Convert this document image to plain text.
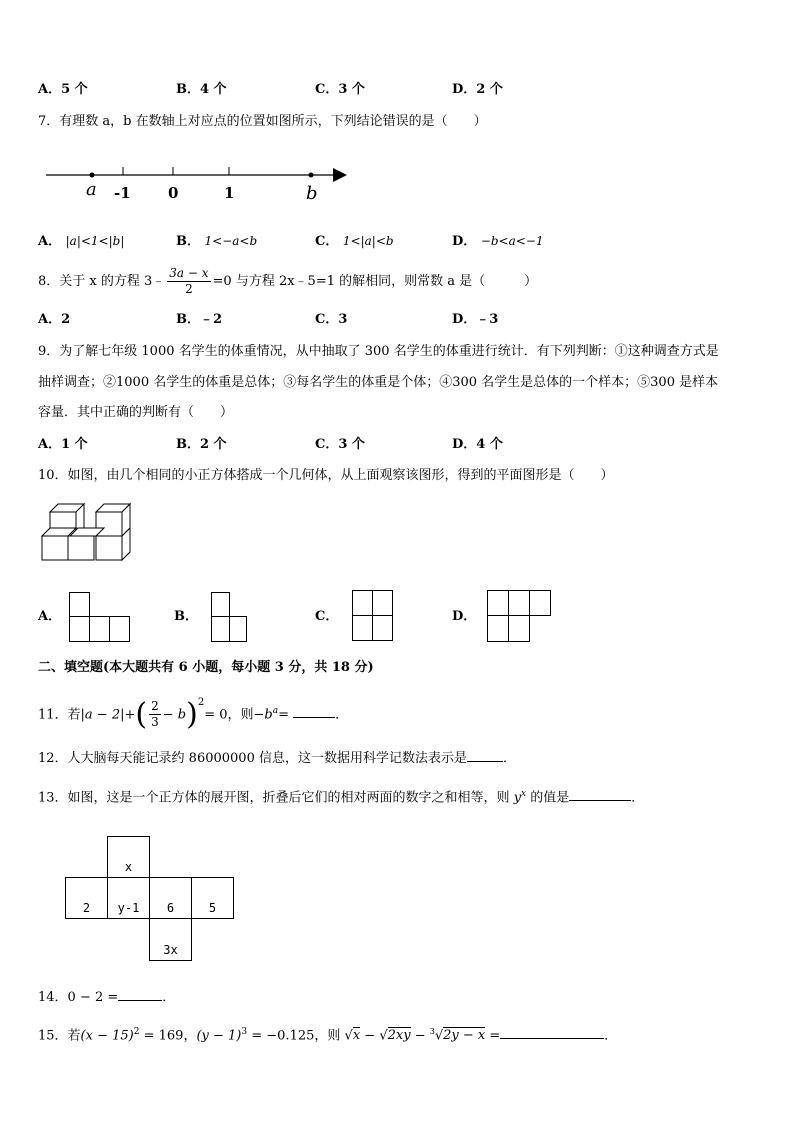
A．5 个	B．4 个	C．3 个	D．2 个
7．有理数 a，b 在数轴上对应点的位置如图所示，下列结论错误的是（　　）
a -1 0	1	b
A． |a|<1<|b|	B． 1<−a<b	C． 1<|a|<b	D． −b<a<−1
8．关于 x 的方程 3﹣ $\frac{3a - x}{2} =0$ 与方程 2x﹣5=1 的解相同，则常数 a 是（　　　）
A．2	B．﹣2	C．3	D．﹣3
9．为了解七年级 1000 名学生的体重情况，从中抽取了 300 名学生的体重进行统计．有下列判断：①这种调查方式是
抽样调查；②1000 名学生的体重是总体；③每名学生的体重是个体；④300 名学生是总体的一个样本；⑤300 是样本
容量．其中正确的判断有（　　）
A．1 个	B．2 个	C．3 个	D．4 个
10．如图，由几个相同的小正方体搭成一个几何体，从上面观察该图形，得到的平面图形是（　　）
A．	B．	C．	D．
二、填空题(本大题共有 6 小题，每小题 3 分，共 18 分)
11．若$|a - 2|+( \frac{2}{3} - b)^2= 0$，则$-b^a=$	．
12．人大脑每天能记录约 86000000 信息，这一数据用科学记数法表示是	．
13．如图，这是一个正方体的展开图，折叠后它们的相对两面的数字之和相等，则 $y^x$ 的值是	．
x
2	y-1	6	5
3x
14．0 − 2 =	．
15．若$(x - 15)^2 = 169$，$(y - 1)^3 = -0.125$，则 √x − √2xy − $^3$√2y − x =	．
